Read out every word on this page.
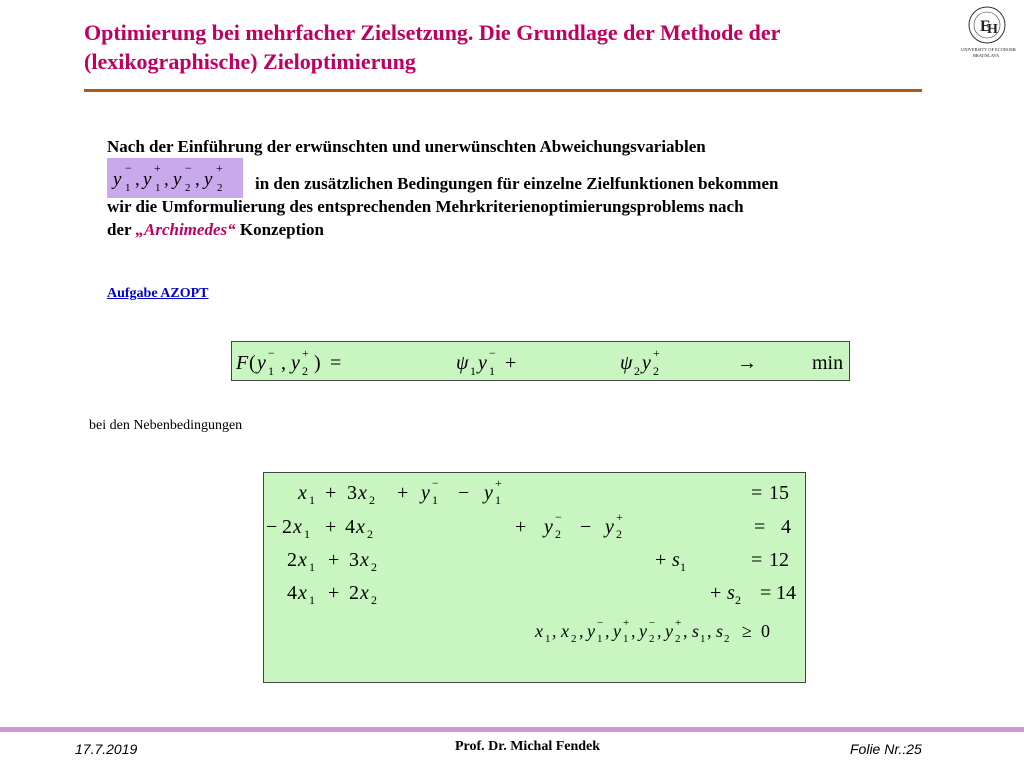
Optimierung bei mehrfacher Zielsetzung. Die Grundlage der Methode der
(lexikographische) Zieloptimierung
E
H
UNIVERSITY OF ECONOMICS
BRATISLAVA
Nach der Einführung der erwünschten und unerwünschten Abweichungsvariablen
y 1
−
, y 1
+
, y 2
−
, y 2
+
in den zusätzlichen Bedingungen für einzelne Zielfunktionen bekommen
wir die Umformulierung des entsprechenden Mehrkriterienoptimierungsproblems nach
der „Archimedes“ Konzeption
Aufgabe AZOPT
F ( y 1
− , y 2
+ ) =	ψ 1 y 1
− +	ψ 2 y 2
+	→	min
bei den Nebenbedingungen
x 1 + 3 x 2 + y 1
− − y 1
+	= 15
− 2 x 1 + 4 x 2	+ y 2
− − y 2
+	= 4
2 x 1 + 3 x 2	+ s 1	= 12
4 x 1 + 2 x 2	+ s 2 = 14
x 1 , x 2 , y 1
− , y 1
+ , y 2
− , y 2
+ , s 1 , s 2 ≥ 0
17.7.2019	Prof. Dr. Michal Fendek	Folie Nr.:25
